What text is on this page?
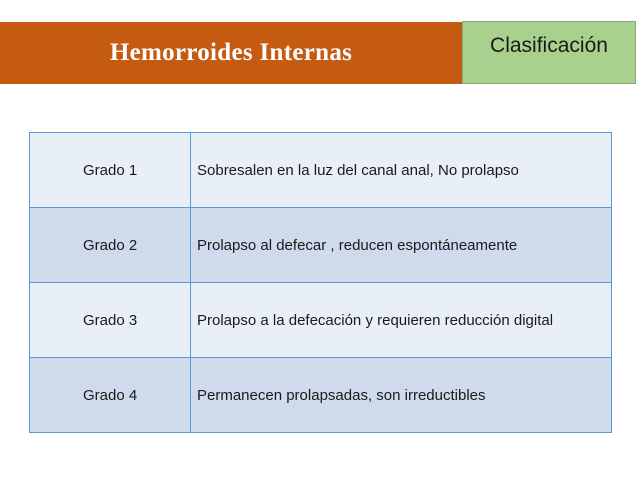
Hemorroides Internas	Clasificación
Grado 1	Sobresalen en la luz del canal anal, No prolapso
Grado 2	Prolapso al defecar , reducen espontáneamente
Grado 3	Prolapso a la defecación y requieren reducción digital
Grado 4	Permanecen prolapsadas, son irreductibles
